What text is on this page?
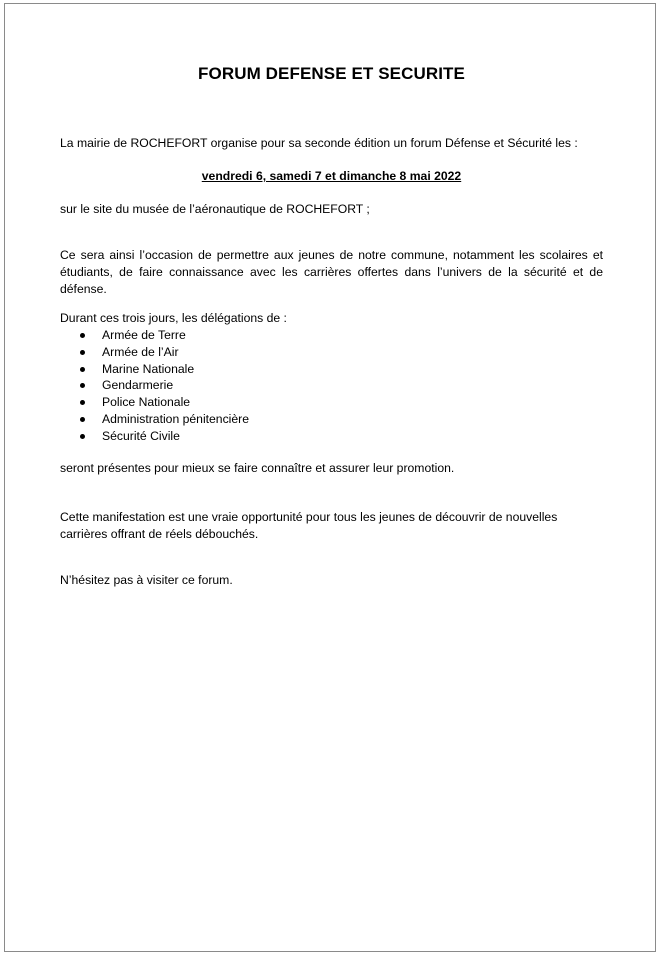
FORUM DEFENSE ET SECURITE

La mairie de ROCHEFORT organise pour sa seconde édition un forum Défense et Sécurité les :

vendredi 6, samedi 7 et dimanche 8 mai 2022

sur le site du musée de l’aéronautique de ROCHEFORT ;

Ce sera ainsi l’occasion de permettre aux jeunes de notre commune, notamment les scolaires et étudiants, de faire connaissance avec les carrières offertes dans l’univers de la sécurité et de défense.

Durant ces trois jours, les délégations de :

Armée de Terre
Armée de l’Air
Marine Nationale
Gendarmerie
Police Nationale
Administration pénitencière
Sécurité Civile

seront présentes pour mieux se faire connaître et assurer leur promotion.

Cette manifestation est une vraie opportunité pour tous les jeunes de découvrir de nouvelles carrières offrant de réels débouchés.

N’hésitez pas à visiter ce forum.
